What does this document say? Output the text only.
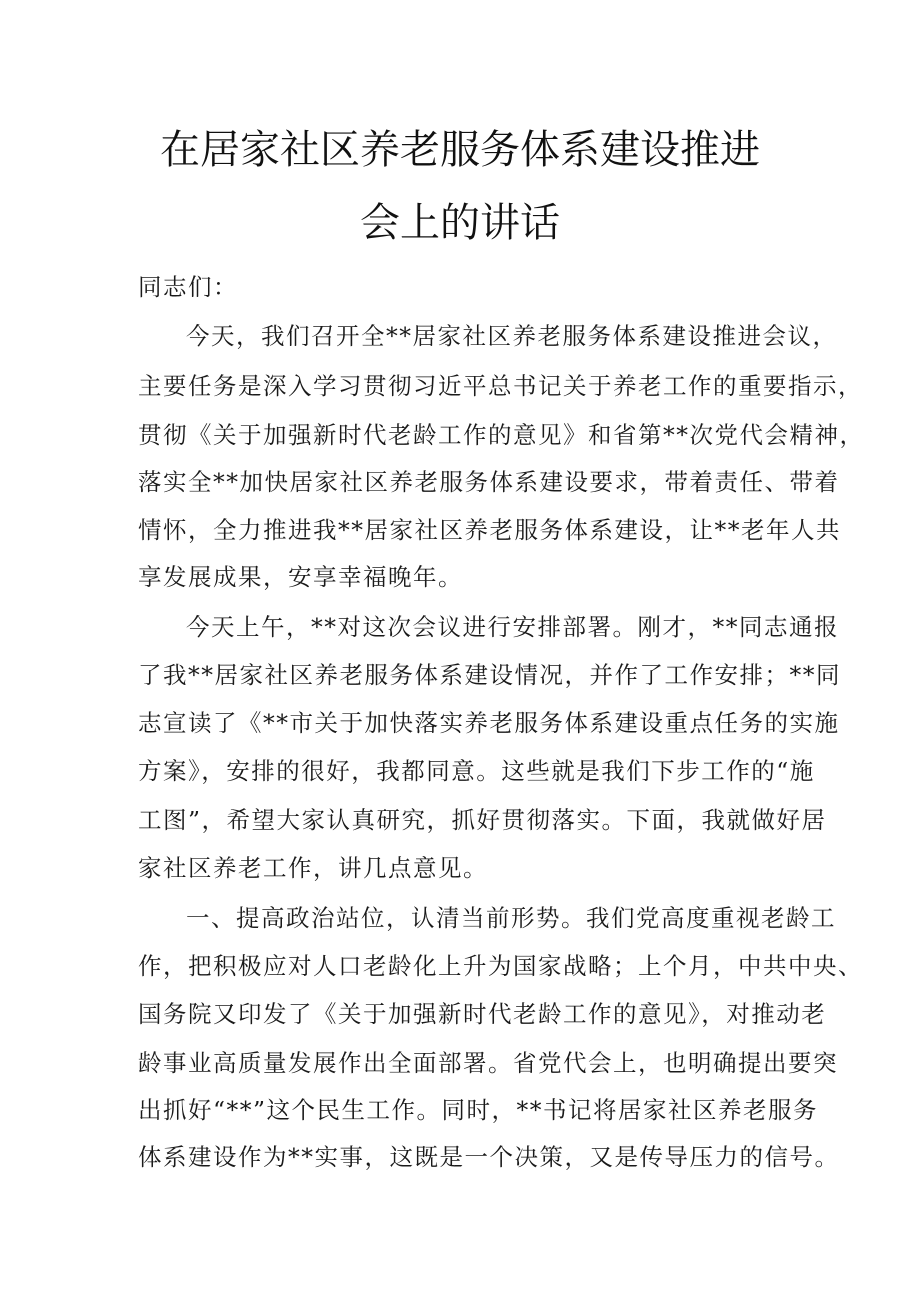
在居家社区养老服务体系建设推进
会上的讲话
同志们：
今天，我们召开全**居家社区养老服务体系建设推进会议，
主要任务是深入学习贯彻习近平总书记关于养老工作的重要指示，
贯彻《关于加强新时代老龄工作的意见》和省第**次党代会精神，
落实全**加快居家社区养老服务体系建设要求，带着责任、带着
情怀，全力推进我**居家社区养老服务体系建设，让**老年人共
享发展成果，安享幸福晚年。
今天上午，**对这次会议进行安排部署。刚才，**同志通报
了我**居家社区养老服务体系建设情况，并作了工作安排；**同
志宣读了《**市关于加快落实养老服务体系建设重点任务的实施
方案》，安排的很好，我都同意。这些就是我们下步工作的“施
工图”，希望大家认真研究，抓好贯彻落实。下面，我就做好居
家社区养老工作，讲几点意见。
一、提高政治站位，认清当前形势。我们党高度重视老龄工
作，把积极应对人口老龄化上升为国家战略；上个月，中共中央、
国务院又印发了《关于加强新时代老龄工作的意见》，对推动老
龄事业高质量发展作出全面部署。省党代会上，也明确提出要突
出抓好“**”这个民生工作。同时，**书记将居家社区养老服务
体系建设作为**实事，这既是一个决策，又是传导压力的信号。
